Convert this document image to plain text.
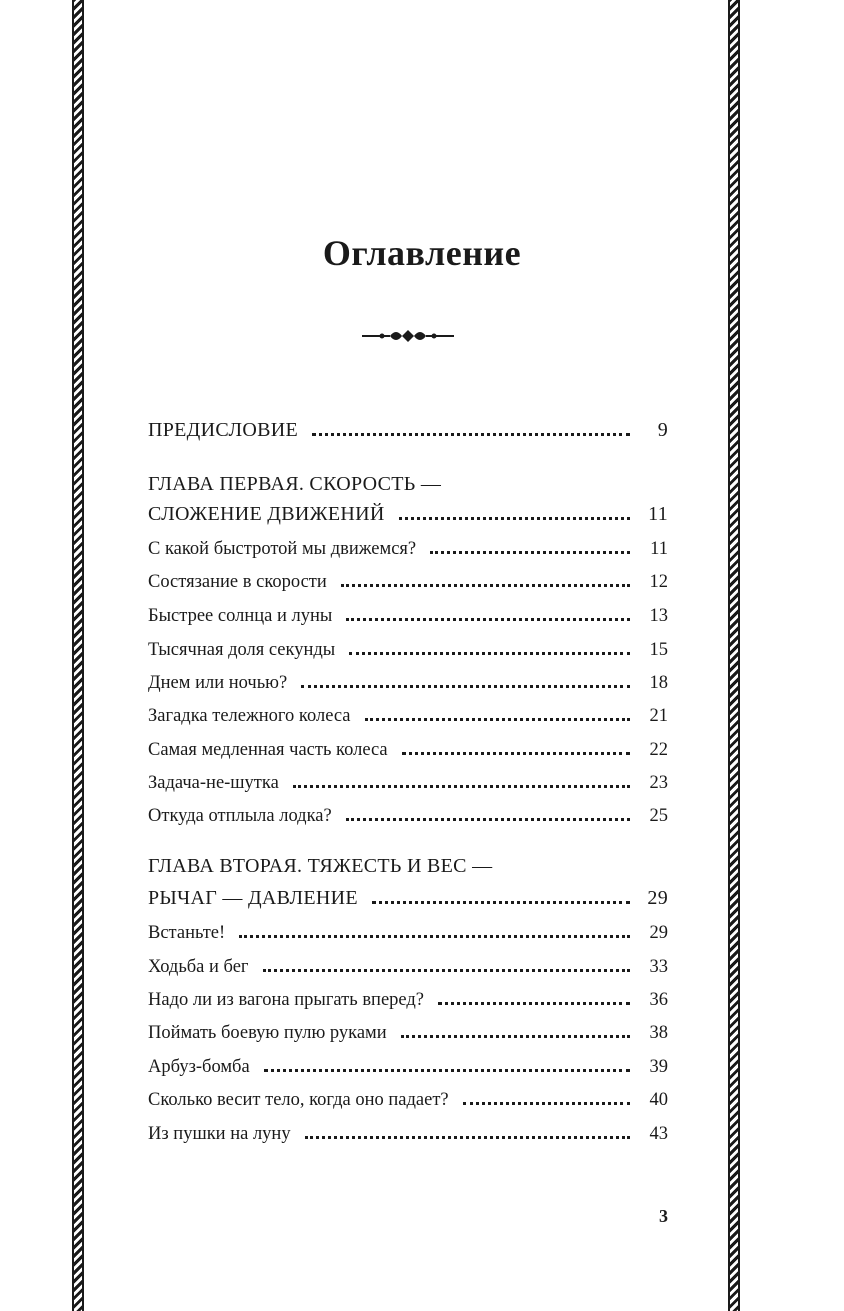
Оглавление
ПРЕДИСЛОВИЕ	9
ГЛАВА ПЕРВАЯ. СКОРОСТЬ —
СЛОЖЕНИЕ ДВИЖЕНИЙ	11
С какой быстротой мы движемся?	11
Состязание в скорости	12
Быстрее солнца и луны	13
Тысячная доля секунды	15
Днем или ночью?	18
Загадка тележного колеса	21
Самая медленная часть колеса	22
Задача-не-шутка	23
Откуда отплыла лодка?	25
ГЛАВА ВТОРАЯ. ТЯЖЕСТЬ И ВЕС —
РЫЧАГ — ДАВЛЕНИЕ	29
Встаньте!	29
Ходьба и бег	33
Надо ли из вагона прыгать вперед?	36
Поймать боевую пулю руками	38
Арбуз-бомба	39
Сколько весит тело, когда оно падает?	40
Из пушки на луну	43
3
